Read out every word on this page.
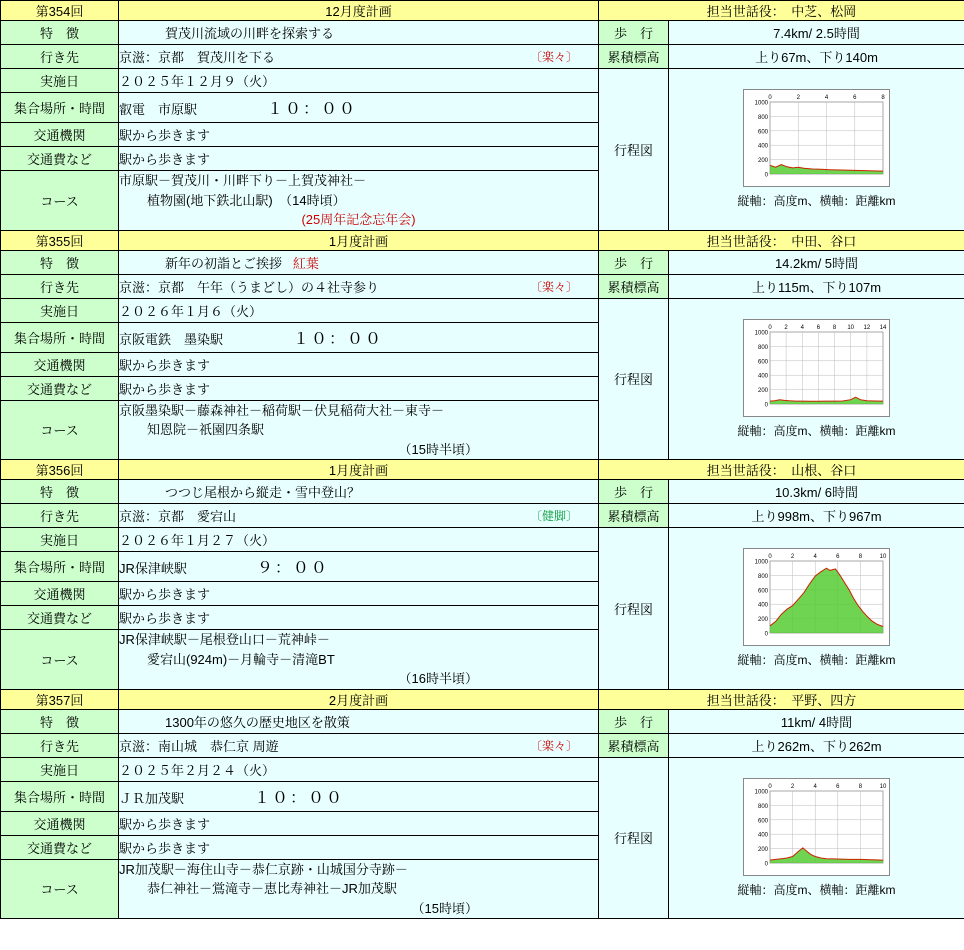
第354回	12月度計画	担当世話役：　中芝、松岡	
特　徴	賀茂川流域の川畔を探索する	歩　行	7.4km/ 2.5時間
行き先	京滋：京都　賀茂川を下る 〔楽々〕	累積標高	上り67m、下り140m
実施日	２０２５年１２月９（火）	行程図	
1000
800
600
400
200
0
0	2	4	6	8
縦軸：高度m、横軸：距離km

集合場所・時間	叡電　市原駅 １０：００		
交通機関	駅から歩きます		
交通費など	駅から歩きます		
コース	市原駅－賀茂川・川畔下り－上賀茂神社－
植物園(地下鉄北山駅)　（14時頃）
(25周年記念忘年会)		

第355回	1月度計画	担当世話役：　中田、谷口	
特　徴	新年の初詣とご挨拶   紅葉	歩　行	14.2km/ 5時間
行き先	京滋：京都　午年（うまどし）の４社寺参り 〔楽々〕	累積標高	上り115m、下り107m
実施日	２０２６年１月６（火）	行程図	
1000
800
600
400
200
0
0 2 4 6 8 10 12 14
縦軸：高度m、横軸：距離km

集合場所・時間	京阪電鉄　墨染駅 １０：００		
交通機関	駅から歩きます		
交通費など	駅から歩きます		
コース	京阪墨染駅－藤森神社－稲荷駅－伏見稲荷大社－東寺－
知恩院－祇園四条駅
（15時半頃）		

第356回	1月度計画	担当世話役：　山根、谷口	
特　徴	つつじ尾根から縦走・雪中登山？	歩　行	10.3km/ 6時間
行き先	京滋：京都　愛宕山 〔健脚〕	累積標高	上り998m、下り967m
実施日	２０２６年１月２７（火）	行程図	
1000
800
600
400
200
0
0	2	4	6	8	10
縦軸：高度m、横軸：距離km

集合場所・時間	JR保津峡駅 ９：００		
交通機関	駅から歩きます		
交通費など	駅から歩きます		
コース	JR保津峡駅－尾根登山口－荒神峠－
愛宕山(924m)－月輪寺－清滝BT
（16時半頃）		

第357回	2月度計画	担当世話役：　平野、四方	
特　徴	1300年の悠久の歴史地区を散策	歩　行	11km/ 4時間
行き先	京滋：南山城　恭仁京 周遊 〔楽々〕	累積標高	上り262m、下り262m
実施日	２０２５年２月２４（火）	行程図	
1000
800
600
400
200
0
0	2	4	6	8	10
縦軸：高度m、横軸：距離km

集合場所・時間	ＪＲ加茂駅 １０：００		
交通機関	駅から歩きます		
交通費など	駅から歩きます		
コース	JR加茂駅－海住山寺－恭仁京跡・山城国分寺跡－
恭仁神社－鴬滝寺－恵比寿神社－JR加茂駅
（15時頃）		
